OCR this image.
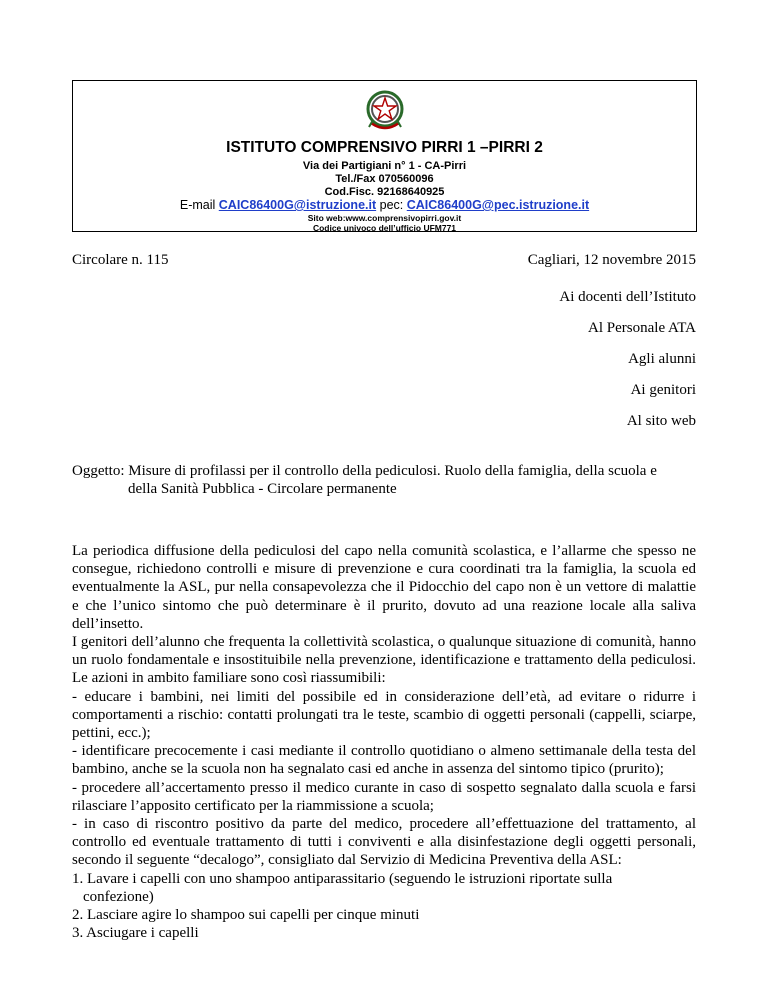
ISTITUTO COMPRENSIVO PIRRI 1 –PIRRI 2
Via dei Partigiani n° 1 - CA-Pirri
Tel./Fax 070560096
Cod.Fisc. 92168640925
E-mail CAIC86400G@istruzione.it pec: CAIC86400G@pec.istruzione.it
Sito web:www.comprensivopirri.gov.it
Codice univoco dell’ufficio UFM771
Circolare n. 115	Cagliari, 12 novembre 2015
Ai docenti dell’Istituto
Al Personale ATA
Agli alunni
Ai genitori
Al sito web
Oggetto: Misure di profilassi per il controllo della pediculosi. Ruolo della famiglia, della scuola e
della Sanità Pubblica - Circolare permanente

La periodica diffusione della pediculosi del capo nella comunità scolastica, e l’allarme che spesso ne consegue, richiedono controlli e misure di prevenzione e cura coordinati tra la famiglia, la scuola ed eventualmente la ASL, pur nella consapevolezza che il Pidocchio del capo non è un vettore di malattie e che l’unico sintomo che può determinare è il prurito, dovuto ad una reazione locale alla saliva dell’insetto.

I genitori dell’alunno che frequenta la collettività scolastica, o qualunque situazione di comunità, hanno un ruolo fondamentale e insostituibile nella prevenzione, identificazione e trattamento della pediculosi. Le azioni in ambito familiare sono così riassumibili:

- educare i bambini, nei limiti del possibile ed in considerazione dell’età, ad evitare o ridurre i comportamenti a rischio: contatti prolungati tra le teste, scambio di oggetti personali (cappelli, sciarpe, pettini, ecc.);

- identificare precocemente i casi mediante il controllo quotidiano o almeno settimanale della testa del bambino, anche se la scuola non ha segnalato casi ed anche in assenza del sintomo tipico (prurito);

- procedere all’accertamento presso il medico curante in caso di sospetto segnalato dalla scuola e farsi rilasciare l’apposito certificato per la riammissione a scuola;

- in caso di riscontro positivo da parte del medico, procedere all’effettuazione del trattamento, al controllo ed eventuale trattamento di tutti i conviventi e alla disinfestazione degli oggetti personali, secondo il seguente “decalogo”, consigliato dal Servizio di Medicina Preventiva della ASL:

1. Lavare i capelli con uno shampoo antiparassitario (seguendo le istruzioni riportate sulla

confezione)

2. Lasciare agire lo shampoo sui capelli per cinque minuti

3. Asciugare i capelli
